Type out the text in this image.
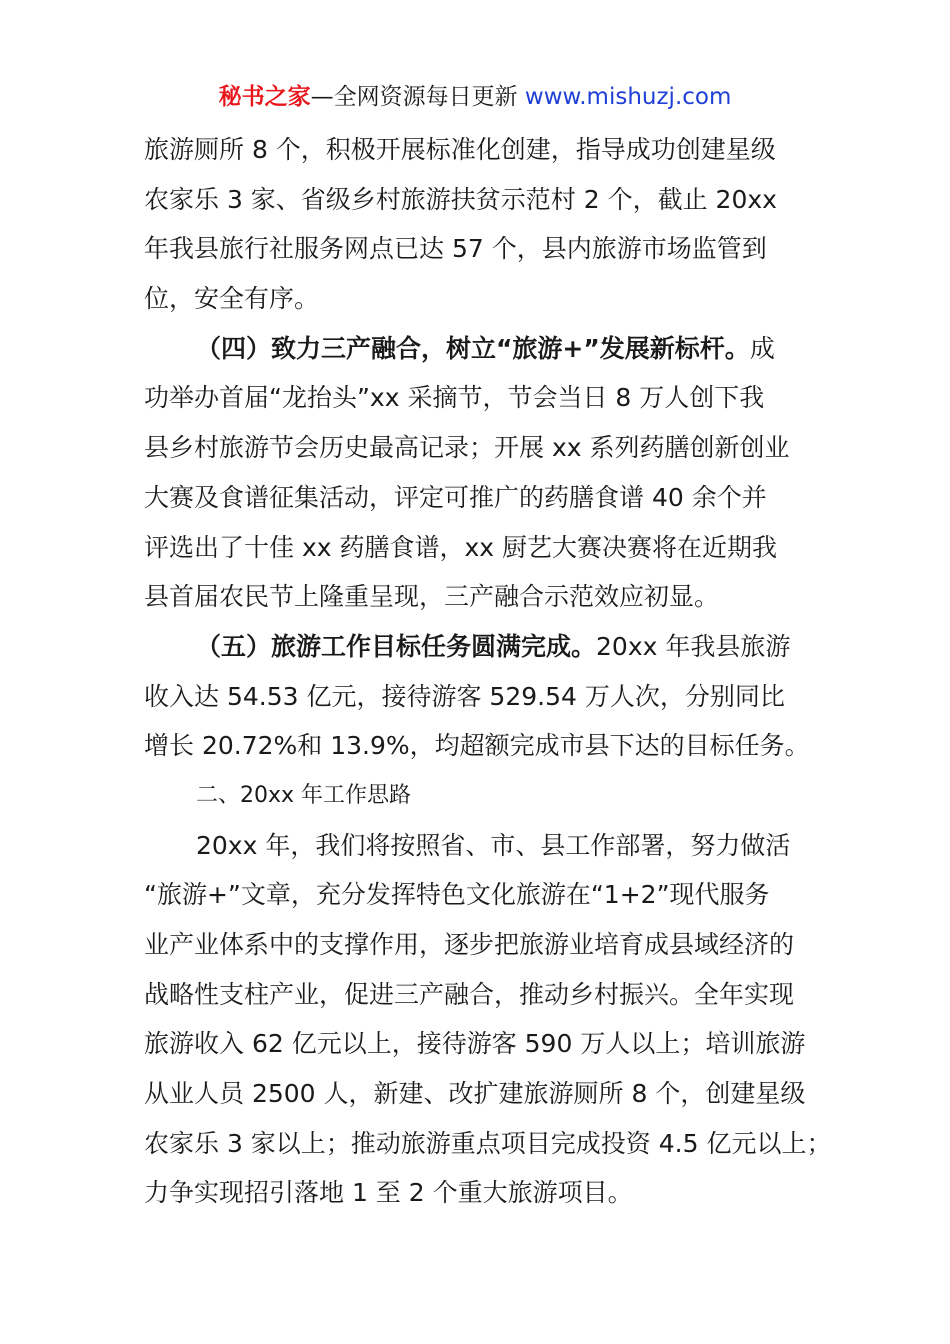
秘书之家—全网资源每日更新 www.mishuzj.com
旅游厕所 8 个，积极开展标准化创建，指导成功创建星级
农家乐 3 家、省级乡村旅游扶贫示范村 2 个，截止 20xx
年我县旅行社服务网点已达 57 个，县内旅游市场监管到
位，安全有序。
（四）致力三产融合，树立“旅游+”发展新标杆。成
功举办首届“龙抬头”xx 采摘节，节会当日 8 万人创下我
县乡村旅游节会历史最高记录；开展 xx 系列药膳创新创业
大赛及食谱征集活动，评定可推广的药膳食谱 40 余个并
评选出了十佳 xx 药膳食谱，xx 厨艺大赛决赛将在近期我
县首届农民节上隆重呈现，三产融合示范效应初显。
（五）旅游工作目标任务圆满完成。20xx 年我县旅游
收入达 54.53 亿元，接待游客 529.54 万人次，分别同比
增长 20.72%和 13.9%，均超额完成市县下达的目标任务。
二、20xx 年工作思路
20xx 年，我们将按照省、市、县工作部署，努力做活
“旅游+”文章，充分发挥特色文化旅游在“1+2”现代服务
业产业体系中的支撑作用，逐步把旅游业培育成县域经济的
战略性支柱产业，促进三产融合，推动乡村振兴。全年实现
旅游收入 62 亿元以上，接待游客 590 万人以上；培训旅游
从业人员 2500 人，新建、改扩建旅游厕所 8 个，创建星级
农家乐 3 家以上；推动旅游重点项目完成投资 4.5 亿元以上；
力争实现招引落地 1 至 2 个重大旅游项目。
